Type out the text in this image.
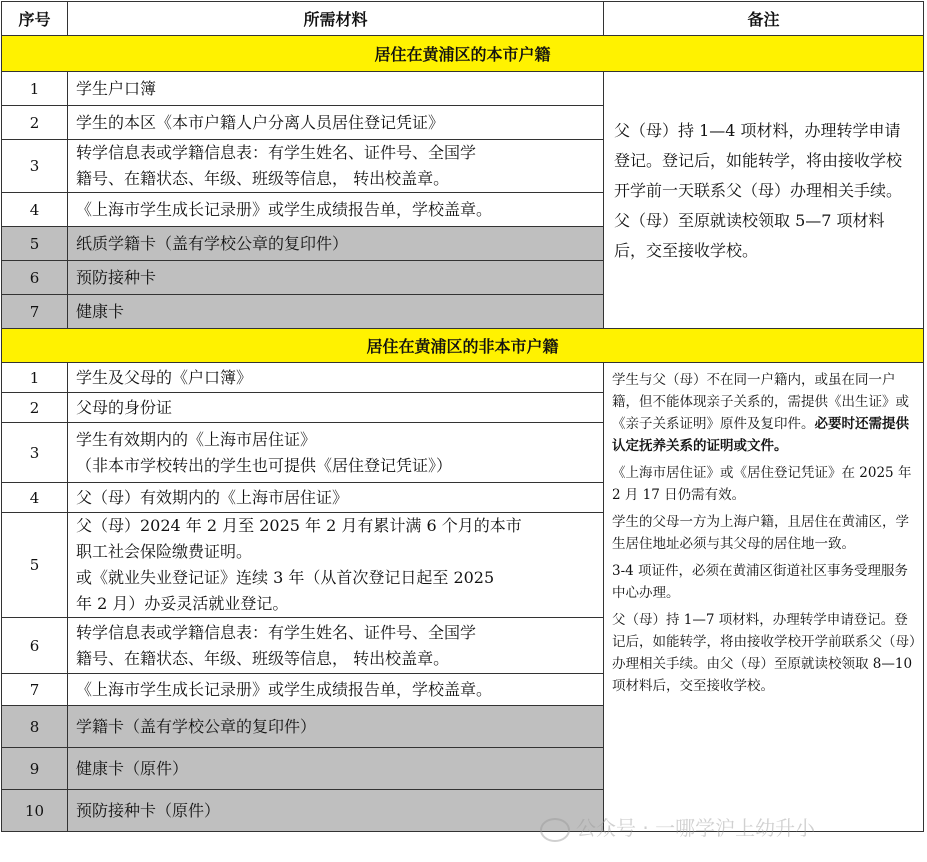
序号	所需材料	备注
居住在黄浦区的本市户籍		
1	学生户口簿	父（母）持 1—4 项材料，办理转学申请登记。登记后，如能转学，将由接收学校开学前一天联系父（母）办理相关手续。

父（母）至原就读校领取 5—7 项材料后，交至接收学校。

2	学生的本区《本市户籍人户分离人员居住登记凭证》	
3	转学信息表或学籍信息表：有学生姓名、证件号、全国学
籍号、在籍状态、年级、班级等信息， 转出校盖章。	
4	《上海市学生成长记录册》或学生成绩报告单，学校盖章。	
5	纸质学籍卡（盖有学校公章的复印件）	
6	预防接种卡	
7	健康卡	
居住在黄浦区的非本市户籍		
1	学生及父母的《户口簿》	学生与父（母）不在同一户籍内，或虽在同一户籍，但不能体现亲子关系的，需提供《出生证》或《亲子关系证明》原件及复印件。必要时还需提供认定抚养关系的证明或文件。

《上海市居住证》或《居住登记凭证》在 2025 年 2 月 17 日仍需有效。

学生的父母一方为上海户籍，且居住在黄浦区，学生居住地址必须与其父母的居住地一致。

3-4 项证件，必须在黄浦区街道社区事务受理服务中心办理。

父（母）持 1—7 项材料，办理转学申请登记。登记后，如能转学，将由接收学校开学前联系父（母）办理相关手续。由父（母）至原就读校领取 8—10 项材料后，交至接收学校。

2	父母的身份证	
3	学生有效期内的《上海市居住证》
（非本市学校转出的学生也可提供《居住登记凭证》）	
4	父（母）有效期内的《上海市居住证》	
5	父（母）2024 年 2 月至 2025 年 2 月有累计满 6 个月的本市
职工社会保险缴费证明。
或《就业失业登记证》连续 3 年（从首次登记日起至 2025
年 2 月）办妥灵活就业登记。	
6	转学信息表或学籍信息表：有学生姓名、证件号、全国学
籍号、在籍状态、年级、班级等信息， 转出校盖章。	
7	《上海市学生成长记录册》或学生成绩报告单，学校盖章。	
8	学籍卡（盖有学校公章的复印件）	
9	健康卡（原件）	
10	预防接种卡（原件）	
公众号 · 一哪学沪上幼升小
